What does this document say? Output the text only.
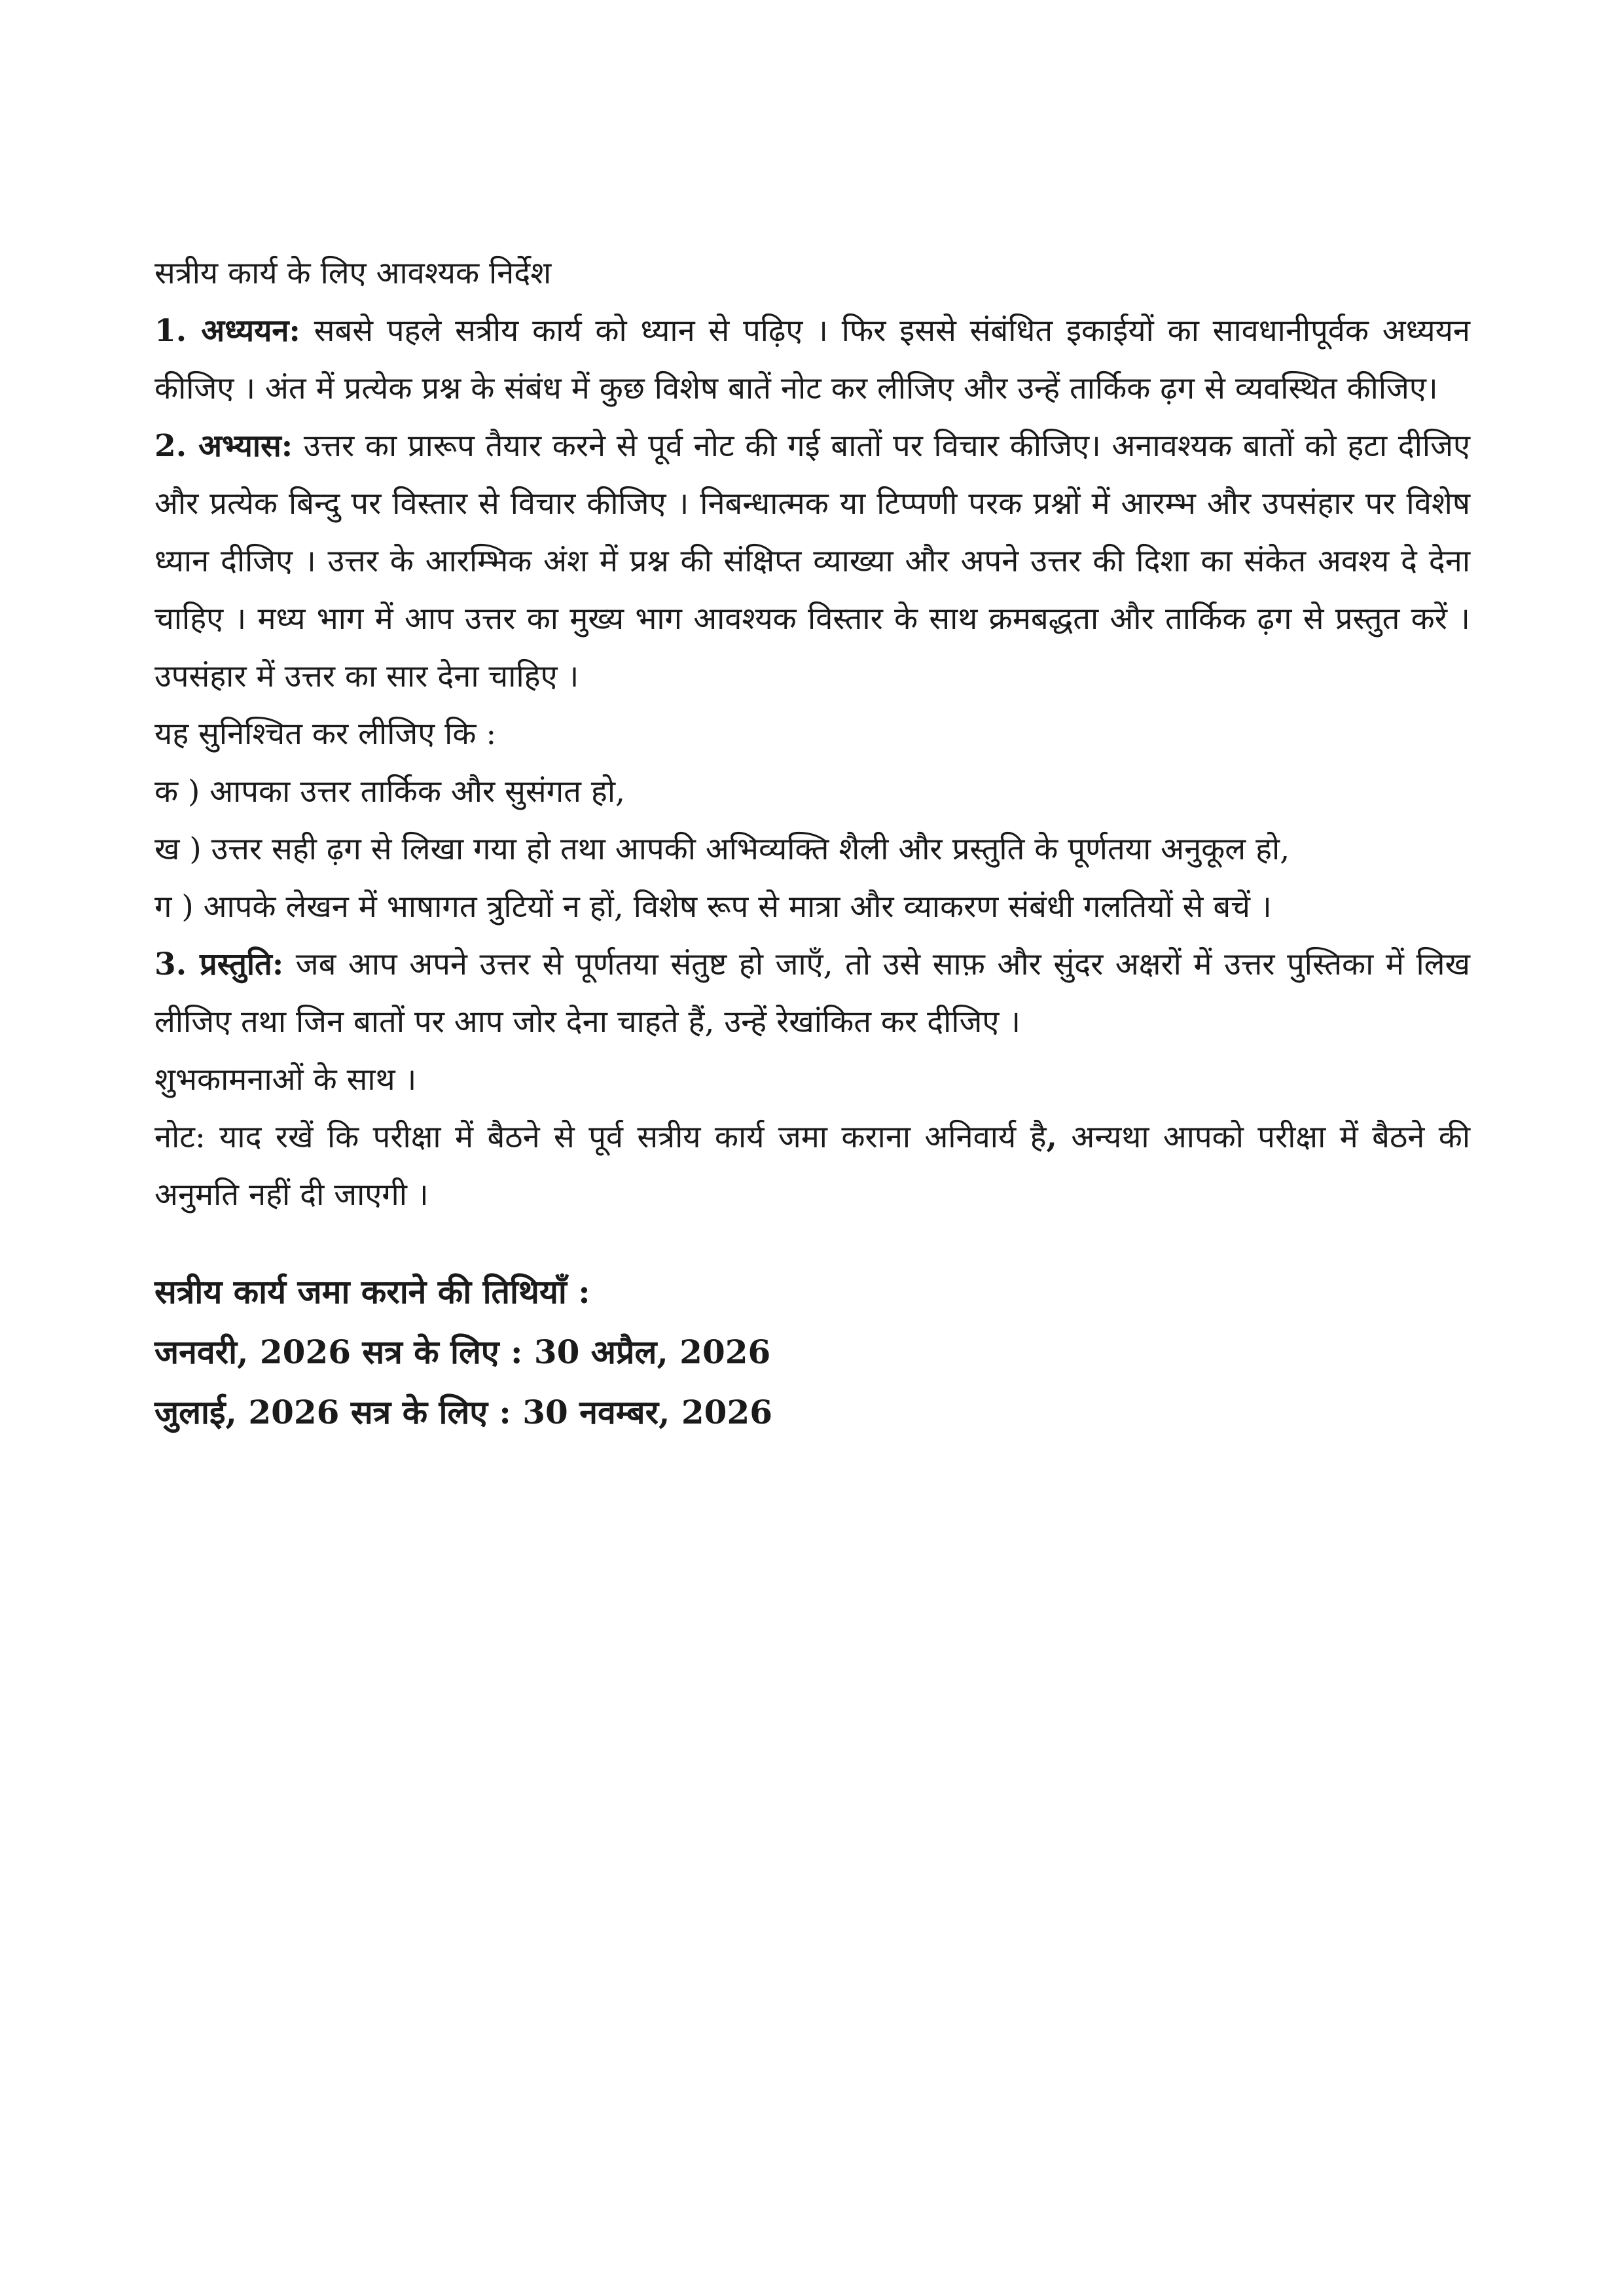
सत्रीय कार्य के लिए आवश्यक निर्देश

1. अध्ययन: सबसे पहले सत्रीय कार्य को ध्यान से पढ़िए । फिर इससे संबंधित इकाईयों का सावधानीपूर्वक अध्ययन कीजिए । अंत में प्रत्येक प्रश्न के संबंध में कुछ विशेष बातें नोट कर लीजिए और उन्हें तार्किक ढ़ग से व्यवस्थित कीजिए।

2. अभ्यास: उत्तर का प्रारूप तैयार करने से पूर्व नोट की गई बातों पर विचार कीजिए। अनावश्यक बातों को हटा दीजिए और प्रत्येक बिन्दु पर विस्तार से विचार कीजिए । निबन्धात्मक या टिप्पणी परक प्रश्नों में आरम्भ और उपसंहार पर विशेष ध्यान दीजिए । उत्तर के आरम्भिक अंश में प्रश्न की संक्षिप्त व्याख्या और अपने उत्तर की दिशा का संकेत अवश्य दे देना चाहिए । मध्य भाग में आप उत्तर का मुख्य भाग आवश्यक विस्तार के साथ क्रमबद्धता और तार्किक ढ़ग से प्रस्तुत करें । उपसंहार में उत्तर का सार देना चाहिए ।

यह सुनिश्चित कर लीजिए कि :

क ) आपका उत्तर तार्किक और सुसंगत हो,

ख ) उत्तर सही ढ़ग से लिखा गया हो तथा आपकी अभिव्यक्ति शैली और प्रस्तुति के पूर्णतया अनुकूल हो,

ग ) आपके लेखन में भाषागत त्रुटियों न हों, विशेष रूप से मात्रा और व्याकरण संबंधी गलतियों से बचें ।

3. प्रस्तुति: जब आप अपने उत्तर से पूर्णतया संतुष्ट हो जाएँ, तो उसे साफ़ और सुंदर अक्षरों में उत्तर पुस्तिका में लिख लीजिए तथा जिन बातों पर आप जोर देना चाहते हैं, उन्हें रेखांकित कर दीजिए ।

शुभकामनाओं के साथ ।

नोट: याद रखें कि परीक्षा में बैठने से पूर्व सत्रीय कार्य जमा कराना अनिवार्य है, अन्यथा आपको परीक्षा में बैठने की अनुमति नहीं दी जाएगी ।

सत्रीय कार्य जमा कराने की तिथियाँ :

जनवरी, 2026 सत्र के लिए : 30 अप्रैल, 2026

जुलाई, 2026 सत्र के लिए : 30 नवम्बर, 2026
